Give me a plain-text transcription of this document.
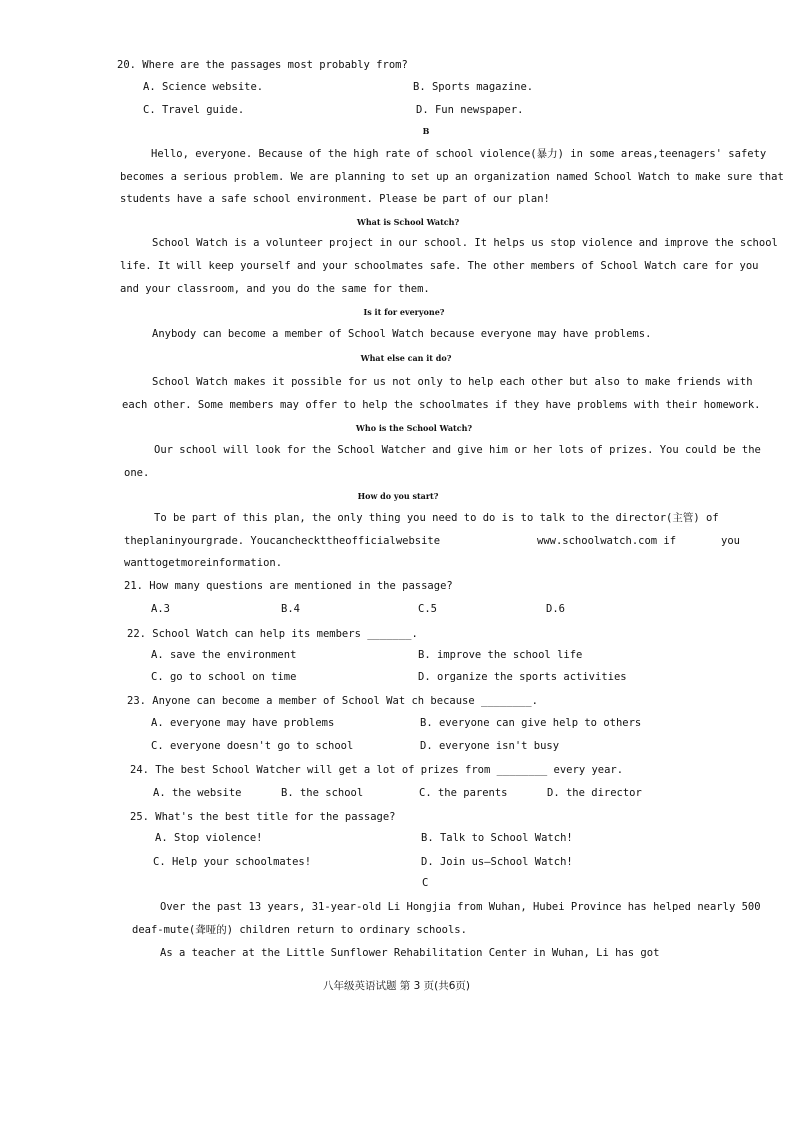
20. Where are the passages most probably from?
A. Science website.	B. Sports magazine.
C. Travel guide.	D. Fun newspaper.
B
Hello, everyone. Because of the high rate of school violence(暴力) in some areas,teenagers' safety
becomes a serious problem. We are planning to set up an organization named School Watch to make sure that
students have a safe school environment. Please be part of our plan!
What is School Watch?
School Watch is a volunteer project in our school. It helps us stop violence and improve the school
life. It will keep yourself and your schoolmates safe. The other members of School Watch care for you
and your classroom, and you do the same for them.
Is it for everyone?
Anybody can become a member of School Watch because everyone may have problems.
What else can it do?
School Watch makes it possible for us not only to help each other but also to make friends with
each other. Some members may offer to help the schoolmates if they have problems with their homework.
Who is the School Watch?
Our school will look for the School Watcher and give him or her lots of prizes. You could be the
one.
How do you start?
To be part of this plan, the only thing you need to do is to talk to the director(主管) of
theplaninyourgrade. Youcancheckttheofficialwebsite	www.schoolwatch.com if	you
wanttogetmoreinformation.
21. How many questions are mentioned in the passage?
A.3	B.4	C.5	D.6
22. School Watch can help its members _______.
A. save the environment	B. improve the school life
C. go to school on time	D. organize the sports activities
23. Anyone can become a member of School Wat ch because ________.
A. everyone may have problems	B. everyone can give help to others
C. everyone doesn't go to school	D. everyone isn't busy
24. The best School Watcher will get a lot of prizes from ________ every year.
A. the website	B. the school	C. the parents	D. the director
25. What's the best title for the passage?
A. Stop violence!	B. Talk to School Watch!
C. Help your schoolmates!	D. Join us—School Watch!
C
Over the past 13 years, 31-year-old Li Hongjia from Wuhan, Hubei Province has helped nearly 500
deaf-mute(聋哑的) children return to ordinary schools.
As a teacher at the Little Sunflower Rehabilitation Center in Wuhan, Li has got
八年级英语试题 第 3 页(共6页)
